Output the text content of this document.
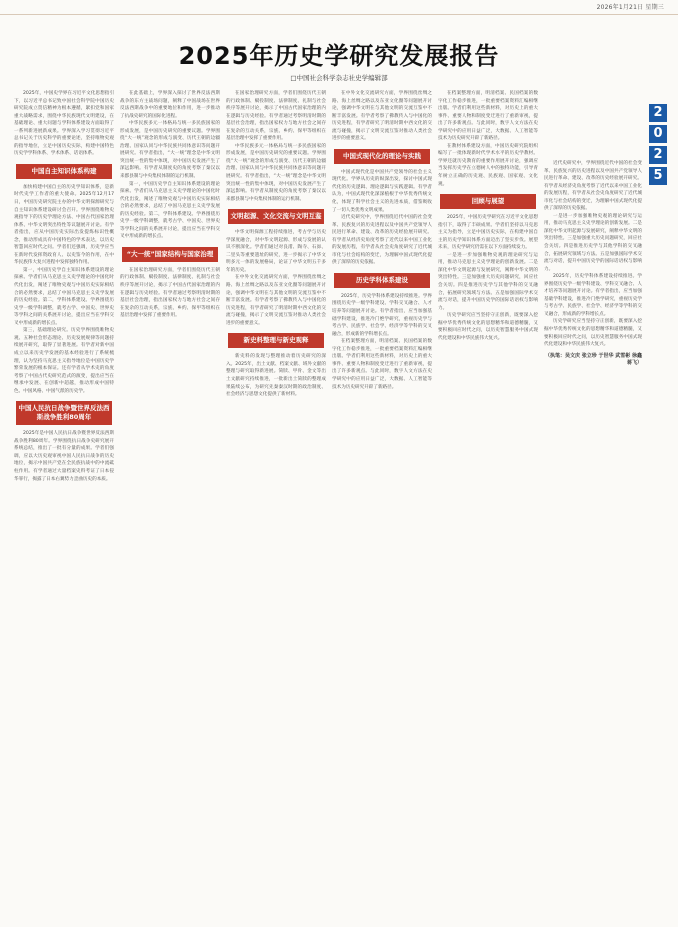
2026年1月21日 星期三
2025年历史学研究发展报告
□中国社会科学杂志社史学编辑部
2
0
2
5

2025年，中国史学界在习近平文化思想指引下，以习近平总书记致中国社会科学院中国历史研究院成立贺信精神为根本遵循，紧扣党和国家重大战略需求，围绕中华民族现代文明建设，在基础理论、重大问题与学科体系建设方面取得了一系列新进展新成果。学界深入学习贯彻习近平总书记关于历史科学的重要论述，坚持唯物史观的指导地位，立足中国历史实际，构建中国特色历史学学科体系、学术体系、话语体系。

中国自主知识体系构建

加快构建中国自主的历史学知识体系，是新时代史学工作者的重大使命。2025年12月17日，中国历史研究院主办的中华文明探源研究与自主知识体系建设研讨会召开。学界围绕唯物史观指导下的历史学理论方法、中国古代国家治理体系、中华文明突出特性等议题展开讨论。有学者指出，应从中国历史实际出发提炼标识性概念，推动形成具有中国特色的学术表达，以历史智慧回应时代之问。学者们还强调，历史学应当在新时代发挥资政育人、以史鉴今的作用，在中华民族伟大复兴进程中发挥独特作用。

第一，中国历史学自主知识体系建设的理论探索。学者们从马克思主义史学理论的中国化时代化出发，阐述了唯物史观与中国历史实际相结合的必然要求，总结了中国马克思主义史学发展的历史经验。第二，学科体系建设。学界围绕历史学一级学科调整，就考古学、中国史、世界史等学科之间的关系展开讨论，提出应当在学科交叉中形成新的增长点。

第三，基础理论研究。历史学界围绕唯物史观、五种社会形态理论、历史发展规律等问题持续展开研究，取得了显著进展。有学者对新中国成立以来历史学发展的基本经验进行了系统梳理，认为坚持马克思主义指导地位是中国历史学繁荣发展的根本保证。还有学者从学术史的角度考察了中国古代史研究范式的演变，提出应当在继承中发展、在创新中超越，推动形成中国特色、中国风格、中国气派的历史学。

中国人民抗日战争暨世界反法西斯战争胜利80周年

2025年是中国人民抗日战争暨世界反法西斯战争胜利80周年。学界围绕抗日战争史研究展开系统总结，推出了一批有分量的成果。学者们强调，应以大历史观审视中国人民抗日战争的历史地位，揭示中国共产党在全民族抗战中的中流砥柱作用。有学者通过大量档案史料考证了日本侵华罪行，揭露了日本右翼势力歪曲历史的本质。

在此基础上，学界深入探讨了世界反法西斯战争的东方主战场问题，阐释了中国战场在世界反法西斯战争中的重要地位和作用，进一步推动了抗战史研究的国际化进程。

中华民族多元一体格局与统一多民族国家的形成发展，是中国历史研究的重要议题。学界围绕“大一统”观念的形成与演变、历代王朝的边疆治理、国家认同与中华民族共同体意识等问题开展研究。有学者指出，“大一统”理念是中华文明突出统一性的集中体现，对中国历史发展产生了深远影响。有学者从制度史的角度考察了秦汉以来郡县制与中央集权体制的运行机制。

第一，中国历史学自主知识体系建设的理论探索。学者们从马克思主义史学理论的中国化时代化出发，阐述了唯物史观与中国历史实际相结合的必然要求，总结了中国马克思主义史学发展的历史经验。第二，学科体系建设。学界围绕历史学一级学科调整，就考古学、中国史、世界史等学科之间的关系展开讨论，提出应当在学科交叉中形成新的增长点。

“大一统”国家结构与国家治理

在国家治理研究方面，学者们围绕历代王朝的行政体制、赋役制度、法律制度、礼制与社会秩序等展开讨论，揭示了中国古代国家治理的内在逻辑与历史经验。有学者通过考察明清时期的基层社会治理，指出国家权力与地方社会之间存在复杂的互动关系，宗族、乡约、保甲等组织在基层治理中发挥了重要作用。

在国家治理研究方面，学者们围绕历代王朝的行政体制、赋役制度、法律制度、礼制与社会秩序等展开讨论，揭示了中国古代国家治理的内在逻辑与历史经验。有学者通过考察明清时期的基层社会治理，指出国家权力与地方社会之间存在复杂的互动关系，宗族、乡约、保甲等组织在基层治理中发挥了重要作用。

中华民族多元一体格局与统一多民族国家的形成发展，是中国历史研究的重要议题。学界围绕“大一统”观念的形成与演变、历代王朝的边疆治理、国家认同与中华民族共同体意识等问题开展研究。有学者指出，“大一统”理念是中华文明突出统一性的集中体现，对中国历史发展产生了深远影响。有学者从制度史的角度考察了秦汉以来郡县制与中央集权体制的运行机制。

文明起源、文化交流与文明互鉴

中华文明探源工程持续推进，考古学与历史学深度融合，对中华文明起源、形成与发展的认识不断深化。学者们通过对良渚、陶寺、石峁、二里头等重要遗址的研究，进一步揭示了中华文明多元一体的发展格局，论证了中华文明五千多年的历史。

在中外文化交流研究方面，学界围绕丝绸之路、海上丝绸之路以及东亚文化圈等问题展开讨论，强调中华文明在与其他文明的交流互鉴中不断丰富发展。有学者考察了佛教传入与中国化的历史进程，有学者研究了明清时期中西文化的交流与碰撞，揭示了文明交流互鉴对推动人类社会进步的重要意义。

新史料整理与新史观释

新史料的发现与整理推动着历史研究的深入。2025年，出土文献、档案文献、域外文献的整理与研究取得新进展。简牍、甲骨、金文等出土文献研究持续推进，一批新出土简牍的整理成果陆续公布，为研究先秦秦汉时期的政治制度、社会经济与思想文化提供了新材料。

在中外文化交流研究方面，学界围绕丝绸之路、海上丝绸之路以及东亚文化圈等问题展开讨论，强调中华文明在与其他文明的交流互鉴中不断丰富发展。有学者考察了佛教传入与中国化的历史进程，有学者研究了明清时期中西文化的交流与碰撞，揭示了文明交流互鉴对推动人类社会进步的重要意义。

中国式现代化的理论与实践

中国式现代化是中国共产党领导的社会主义现代化。学界从历史的纵深出发，探讨中国式现代化的历史逻辑、理论逻辑与实践逻辑。有学者认为，中国式现代化深深植根于中华优秀传统文化，体现了科学社会主义的先进本质，借鉴吸收了一切人类优秀文明成果。

近代史研究中，学界围绕近代中国的社会变革、民族复兴的历史进程以及中国共产党领导人民进行革命、建设、改革的历史经验展开研究。有学者从经济史角度考察了近代以来中国工业化的发展历程，有学者从社会史角度研究了近代城市化与社会结构的变迁，为理解中国式现代化提供了深厚的历史依据。

历史学科体系建设

2025年，历史学科体系建设持续推进。学界围绕历史学一级学科建设、学科交叉融合、人才培养等问题展开讨论。有学者指出，应当加强基础学科建设，推进冷门绝学研究，重视历史学与考古学、民族学、社会学、经济学等学科的交叉融合，形成新的学科增长点。

在档案整理方面，明清档案、民国档案的数字化工作稳步推进，一批重要档案资料汇编相继出版。学者们利用这些新材料，对历史上的重大事件、重要人物和制度变迁进行了重新审视，提出了许多新观点。与此同时，数字人文方法在史学研究中的应用日益广泛，大数据、人工智能等技术为历史研究开辟了新路径。

在档案整理方面，明清档案、民国档案的数字化工作稳步推进，一批重要档案资料汇编相继出版。学者们利用这些新材料，对历史上的重大事件、重要人物和制度变迁进行了重新审视，提出了许多新观点。与此同时，数字人文方法在史学研究中的应用日益广泛，大数据、人工智能等技术为历史研究开辟了新路径。

在教材体系建设方面，中国历史研究院组织编写了一批体现新时代学术水平的历史学教材。学界还就历史教育的重要作用展开讨论，强调应当发挥历史学在立德树人中的独特功能，引导青年树立正确的历史观、民族观、国家观、文化观。

回顾与展望

2025年，中国历史学研究在习近平文化思想指引下，取得了丰硕成果。学者们坚持以马克思主义为指导，立足中国历史实际，在构建中国自主的历史学知识体系方面迈出了坚实步伐。展望未来，历史学研究仍需在以下方面持续发力。

一是进一步加强唯物史观的理论研究与运用，推动马克思主义史学理论的创新发展。二是深化中华文明起源与发展研究，阐释中华文明的突出特性。三是加强重大历史问题研究，回应社会关切。四是推进历史学与其他学科的交叉融合，拓展研究领域与方法。五是加强国际学术交流与对话，提升中国历史学的国际话语权与影响力。

历史学研究应当坚持守正创新，既要深入挖掘中华优秀传统文化的思想精华和道德精髓，又要积极回应时代之问，以历史智慧服务中国式现代化建设和中华民族伟大复兴。

近代史研究中，学界围绕近代中国的社会变革、民族复兴的历史进程以及中国共产党领导人民进行革命、建设、改革的历史经验展开研究。有学者从经济史角度考察了近代以来中国工业化的发展历程，有学者从社会史角度研究了近代城市化与社会结构的变迁，为理解中国式现代化提供了深厚的历史依据。

一是进一步加强唯物史观的理论研究与运用，推动马克思主义史学理论的创新发展。二是深化中华文明起源与发展研究，阐释中华文明的突出特性。三是加强重大历史问题研究，回应社会关切。四是推进历史学与其他学科的交叉融合，拓展研究领域与方法。五是加强国际学术交流与对话，提升中国历史学的国际话语权与影响力。

2025年，历史学科体系建设持续推进。学界围绕历史学一级学科建设、学科交叉融合、人才培养等问题展开讨论。有学者指出，应当加强基础学科建设，推进冷门绝学研究，重视历史学与考古学、民族学、社会学、经济学等学科的交叉融合，形成新的学科增长点。

历史学研究应当坚持守正创新，既要深入挖掘中华优秀传统文化的思想精华和道德精髓，又要积极回应时代之问，以历史智慧服务中国式现代化建设和中华民族伟大复兴。

（执笔：吴文庆 张立珍 于世华 武雪彬 徐鑫 蒋飞）
